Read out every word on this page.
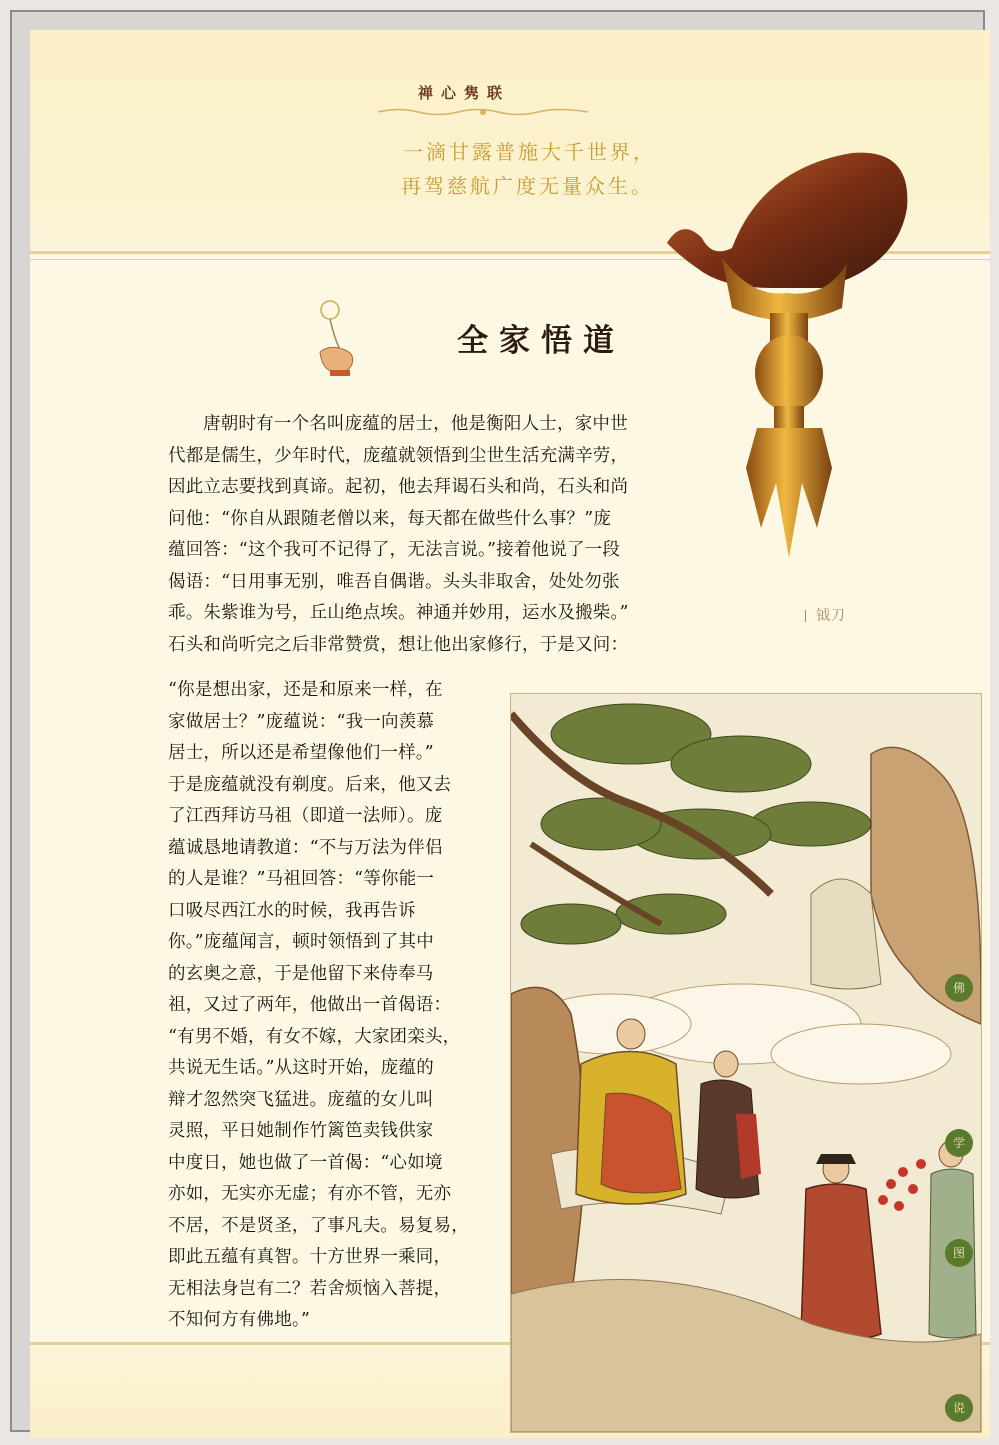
禅心隽联
一滴甘露普施大千世界，
再驾慈航广度无量众生。
钺刀
全家悟道

唐朝时有一个名叫庞蕴的居士，他是衡阳人士，家中世

代都是儒生，少年时代，庞蕴就领悟到尘世生活充满辛劳，

因此立志要找到真谛。起初，他去拜谒石头和尚，石头和尚

问他：“你自从跟随老僧以来，每天都在做些什么事？”庞

蕴回答：“这个我可不记得了，无法言说。”接着他说了一段

偈语：“日用事无别，唯吾自偶谐。头头非取舍，处处勿张

乖。朱紫谁为号，丘山绝点埃。神通并妙用，运水及搬柴。”

石头和尚听完之后非常赞赏，想让他出家修行，于是又问：

“你是想出家，还是和原来一样，在

家做居士？”庞蕴说：“我一向羡慕

居士，所以还是希望像他们一样。”

于是庞蕴就没有剃度。后来，他又去

了江西拜访马祖（即道一法师）。庞

蕴诚恳地请教道：“不与万法为伴侣

的人是谁？”马祖回答：“等你能一

口吸尽西江水的时候，我再告诉

你。”庞蕴闻言，顿时领悟到了其中

的玄奥之意，于是他留下来侍奉马

祖，又过了两年，他做出一首偈语：

“有男不婚，有女不嫁，大家团栾头，

共说无生话。”从这时开始，庞蕴的

辩才忽然突飞猛进。庞蕴的女儿叫

灵照，平日她制作竹篱笆卖钱供家

中度日，她也做了一首偈：“心如境

亦如，无实亦无虚；有亦不管，无亦

不居，不是贤圣，了事凡夫。易复易，

即此五蕴有真智。十方世界一乘同，

无相法身岂有二？若舍烦恼入菩提，

不知何方有佛地。”

佛
学
图
说
